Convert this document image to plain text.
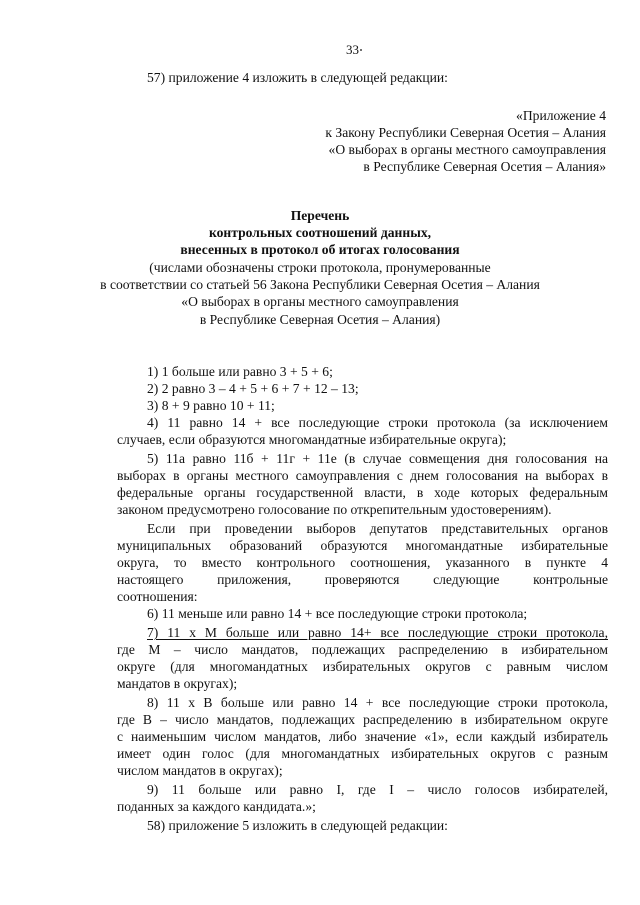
33
57) приложение 4 изложить в следующей редакции:
«Приложение 4
к Закону Республики Северная Осетия – Алания
«О выборах в органы местного самоуправления
в Республике Северная Осетия – Алания»
Перечень
контрольных соотношений данных,
внесенных в протокол об итогах голосования
(числами обозначены строки протокола, пронумерованные
в соответствии со статьей 56 Закона Республики Северная Осетия – Алания
«О выборах в органы местного самоуправления
в Республике Северная Осетия – Алания)
1) 1 больше или равно 3 + 5 + 6;
2) 2 равно 3 – 4 + 5 + 6 + 7 + 12 – 13;
3) 8 + 9 равно 10 + 11;
4) 11 равно 14 + все последующие строки протокола (за исключением
случаев, если образуются многомандатные избирательные округа);
5) 11а равно 11б + 11г + 11е (в случае совмещения дня голосования на
выборах в органы местного самоуправления с днем голосования на выборах в
федеральные органы государственной власти, в ходе которых федеральным
законом предусмотрено голосование по открепительным удостоверениям).
Если при проведении выборов депутатов представительных органов
муниципальных образований образуются многомандатные избирательные
округа, то вместо контрольного соотношения, указанного в пункте 4
настоящего приложения, проверяются следующие контрольные
соотношения:
6) 11 меньше или равно 14 + все последующие строки протокола;
7) 11 х М больше или равно 14+ все последующие строки протокола,
где М – число мандатов, подлежащих распределению в избирательном
округе (для многомандатных избирательных округов с равным числом
мандатов в округах);
8) 11 х В больше или равно 14 + все последующие строки протокола,
где В – число мандатов, подлежащих распределению в избирательном округе
с наименьшим числом мандатов, либо значение «1», если каждый избиратель
имеет один голос (для многомандатных избирательных округов с разным
числом мандатов в округах);
9) 11 больше или равно I, где I – число голосов избирателей,
поданных за каждого кандидата.»;
58) приложение 5 изложить в следующей редакции:
